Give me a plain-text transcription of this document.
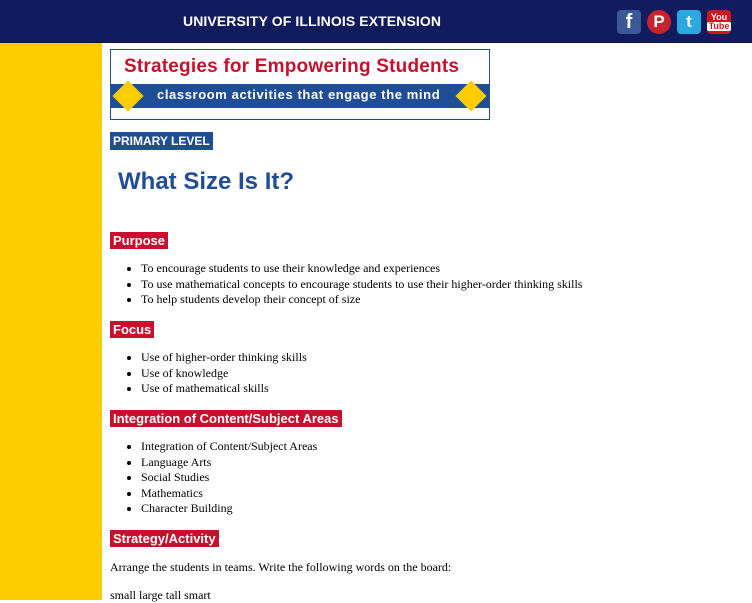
UNIVERSITY OF ILLINOIS EXTENSION	f P t You
Tube
Strategies for Empowering Students
classroom activities that engage the mind
PRIMARY LEVEL
What Size Is It?
Purpose
• To encourage students to use their knowledge and experiences
• To use mathematical concepts to encourage students to use their higher-order thinking skills
• To help students develop their concept of size
Focus
• Use of higher-order thinking skills
• Use of knowledge
• Use of mathematical skills
Integration of Content/Subject Areas
• Integration of Content/Subject Areas
• Language Arts
• Social Studies
• Mathematics
• Character Building
Strategy/Activity
Arrange the students in teams. Write the following words on the board:
small large tall smart
